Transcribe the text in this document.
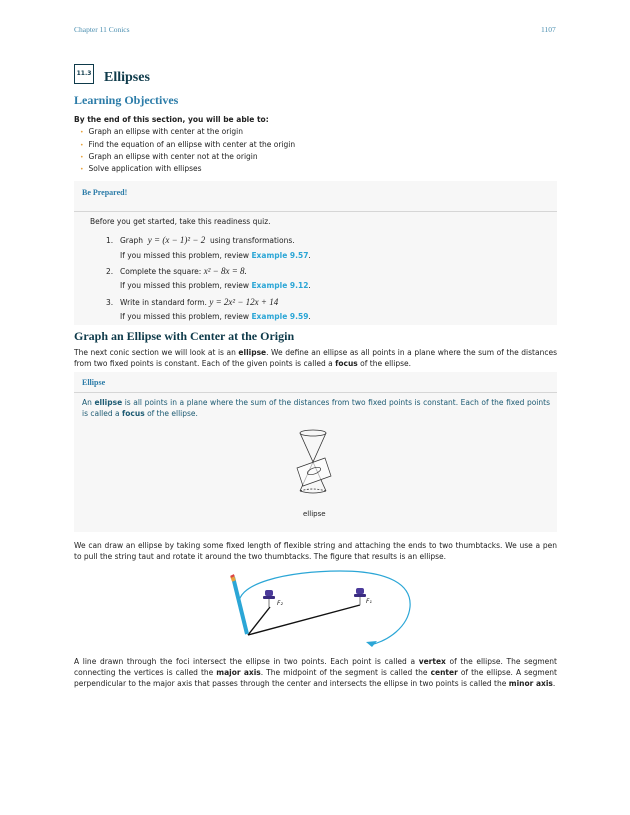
Chapter 11 Conics	1107
11.3 Ellipses
Learning Objectives
By the end of this section, you will be able to:
• Graph an ellipse with center at the origin
• Find the equation of an ellipse with center at the origin
• Graph an ellipse with center not at the origin
• Solve application with ellipses
Be Prepared!
Before you get started, take this readiness quiz.
1. Graph y = (x − 1)² − 2 using transformations.
If you missed this problem, review Example 9.57.
2. Complete the square: x² − 8x = 8.
If you missed this problem, review Example 9.12.
3. Write in standard form. y = 2x² − 12x + 14
If you missed this problem, review Example 9.59.
Graph an Ellipse with Center at the Origin
The next conic section we will look at is an ellipse. We define an ellipse as all points in a plane where the sum of the distances from two fixed points is constant. Each of the given points is called a focus of the ellipse.
Ellipse
An ellipse is all points in a plane where the sum of the distances from two fixed points is constant. Each of the fixed points is called a focus of the ellipse.
ellipse
We can draw an ellipse by taking some fixed length of flexible string and attaching the ends to two thumbtacks. We use a pen to pull the string taut and rotate it around the two thumbtacks. The figure that results is an ellipse.
F₂	F₁
A line drawn through the foci intersect the ellipse in two points. Each point is called a vertex of the ellipse. The segment connecting the vertices is called the major axis. The midpoint of the segment is called the center of the ellipse. A segment perpendicular to the major axis that passes through the center and intersects the ellipse in two points is called the minor axis.
